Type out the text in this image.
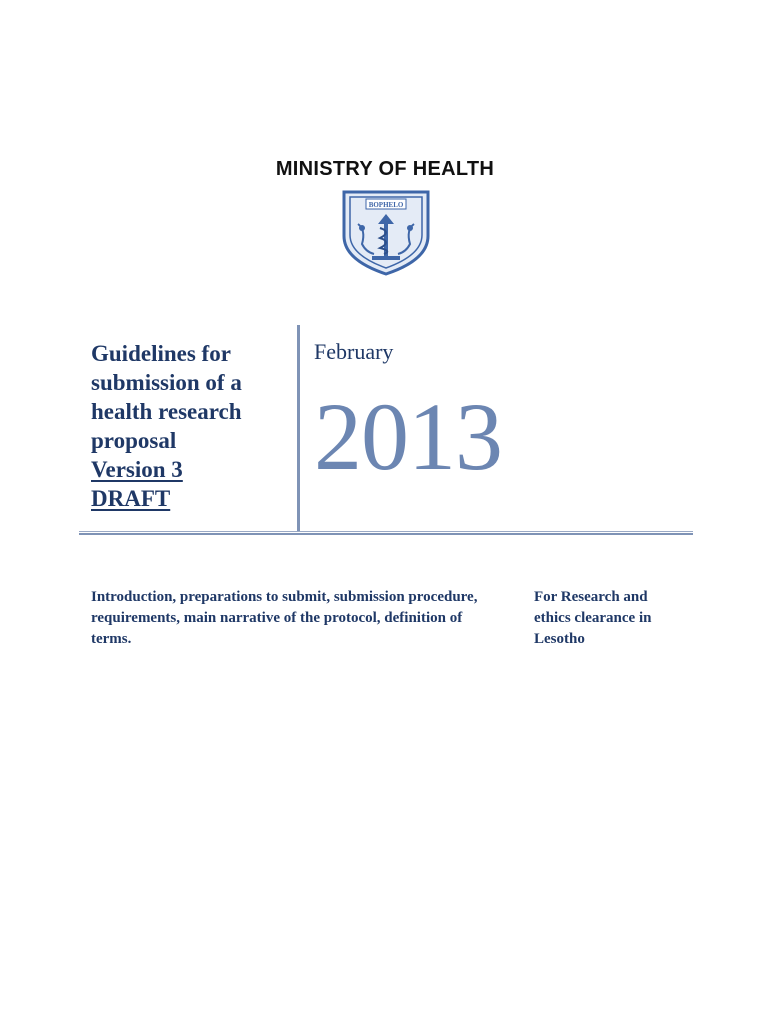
MINISTRY OF HEALTH
BOPHELO
Guidelines for
submission of a
health research
proposal
Version 3
DRAFT
February
2013
Introduction, preparations to submit, submission procedure, requirements, main narrative of the protocol, definition of terms.
For Research and ethics clearance in Lesotho
